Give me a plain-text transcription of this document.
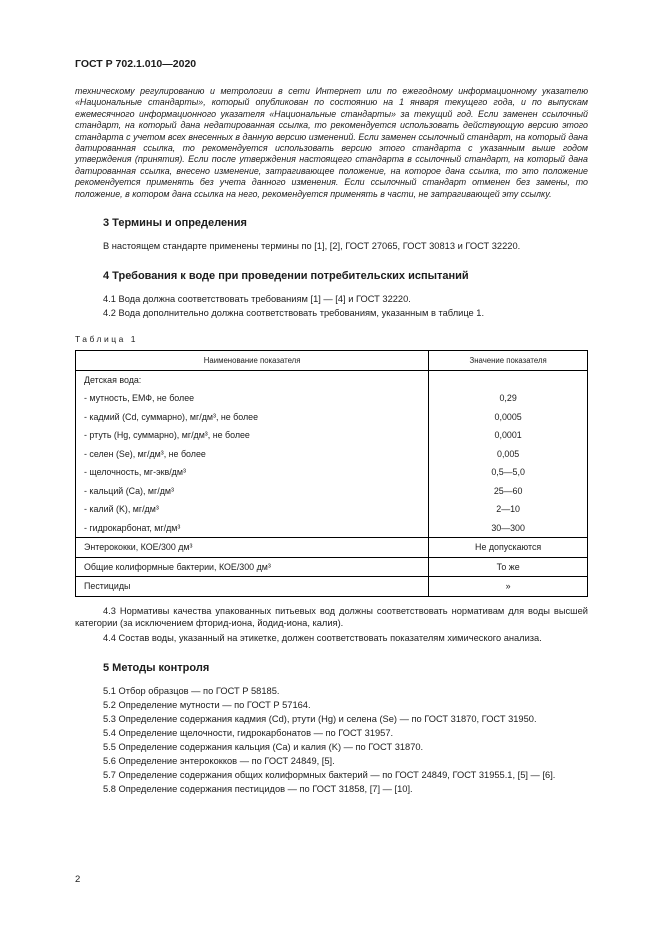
ГОСТ Р 702.1.010—2020

техническому регулированию и метрологии в сети Интернет или по ежегодному информационному указателю «Национальные стандарты», который опубликован по состоянию на 1 января текущего года, и по выпускам ежемесячного информационного указателя «Национальные стандарты» за текущий год. Если заменен ссылочный стандарт, на который дана недатированная ссылка, то рекомендуется использовать действующую версию этого стандарта с учетом всех внесенных в данную версию изменений. Если заменен ссылочный стандарт, на который дана датированная ссылка, то рекомендуется использовать версию этого стандарта с указанным выше годом утверждения (принятия). Если после утверждения настоящего стандарта в ссылочный стандарт, на который дана датированная ссылка, внесено изменение, затрагивающее положение, на которое дана ссылка, то это положение рекомендуется применять без учета данного изменения. Если ссылочный стандарт отменен без замены, то положение, в котором дана ссылка на него, рекомендуется применять в части, не затрагивающей эту ссылку.

3 Термины и определения

В настоящем стандарте применены термины по [1], [2], ГОСТ 27065, ГОСТ 30813 и ГОСТ 32220.

4 Требования к воде при проведении потребительских испытаний

4.1 Вода должна соответствовать требованиям [1] — [4] и ГОСТ 32220.

4.2 Вода дополнительно должна соответствовать требованиям, указанным в таблице 1.

Таблица 1

Наименование показателя	Значение показателя
Детская вода:	
- мутность, ЕМФ, не более	0,29
- кадмий (Cd, суммарно), мг/дм³, не более	0,0005
- ртуть (Hg, суммарно), мг/дм³, не более	0,0001
- селен (Se), мг/дм³, не более	0,005
- щелочность, мг-экв/дм³	0,5—5,0
- кальций (Ca), мг/дм³	25—60
- калий (K), мг/дм³	2—10
- гидрокарбонат, мг/дм³	30—300
Энтерококки, КОЕ/300 дм³	Не допускаются
Общие колиформные бактерии, КОЕ/300 дм³	То же
Пестициды	»

4.3 Нормативы качества упакованных питьевых вод должны соответствовать нормативам для воды высшей категории (за исключением фторид-иона, йодид-иона, калия).

4.4 Состав воды, указанный на этикетке, должен соответствовать показателям химического анализа.

5 Методы контроля

5.1 Отбор образцов — по ГОСТ Р 58185.

5.2 Определение мутности — по ГОСТ Р 57164.

5.3 Определение содержания кадмия (Cd), ртути (Hg) и селена (Se) — по ГОСТ 31870, ГОСТ 31950.

5.4 Определение щелочности, гидрокарбонатов — по ГОСТ 31957.

5.5 Определение содержания кальция (Ca) и калия (K) — по ГОСТ 31870.

5.6 Определение энтерококков — по ГОСТ 24849, [5].

5.7 Определение содержания общих колиформных бактерий — по ГОСТ 24849, ГОСТ 31955.1, [5] — [6].

5.8 Определение содержания пестицидов — по ГОСТ 31858, [7] — [10].

2
